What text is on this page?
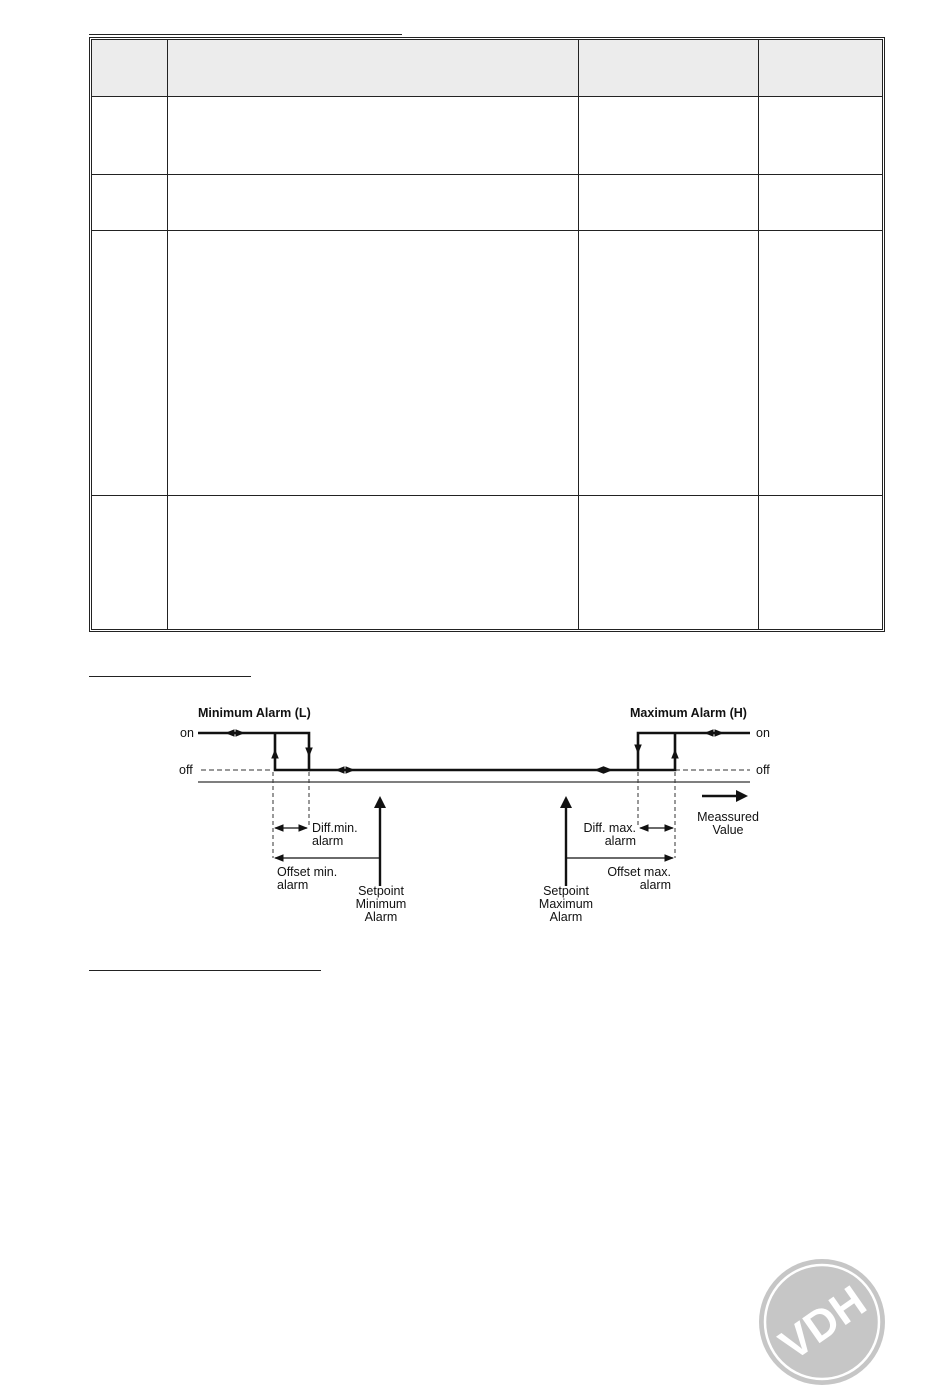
Minimum Alarm (L)	Maximum Alarm (H)
on
off
on
off
Diff.min.
alarm
Offset min.
alarm	Setpoint
Minimum
Alarm
Setpoint
Maximum
Alarm
Diff. max.
alarm
Offset max.
alarm
Meassured
Value
VDH
